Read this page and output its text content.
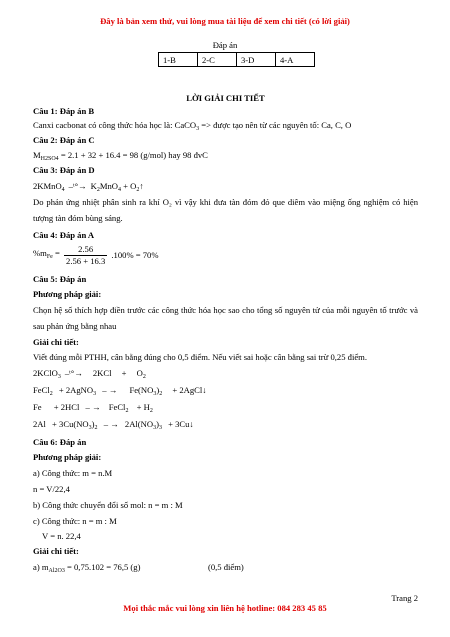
Đây là bản xem thử, vui lòng mua tài liệu để xem chi tiết (có lời giải)
Đáp án
1-B	2-C	3-D	4-A
LỜI GIẢI CHI TIẾT
Câu 1: Đáp án B
Canxi cacbonat có công thức hóa học là: CaCO$_3$ => được tạo nên từ các nguyên tố: Ca, C, O
Câu 2: Đáp án C
$M_{H2SO4} = 2.1 + 32 + 16.4 = 98$ (g/mol) hay 98 đvC
Câu 3: Đáp án D
2KMnO$_4$ –ᵗ°→ $K_2MnO_4$ + $O_2↑$
Do phản ứng nhiệt phân sinh ra khí O₂ vì vậy khi đưa tàn đóm đỏ que diêm vào miệng ống nghiệm có hiện tượng tàn đóm bùng sáng.
Câu 4: Đáp án A
$\%m_{Fe} = \frac{2.56}{2.56 + 16.3} .100\% = 70\%$
Câu 5: Đáp án
Phương pháp giải:
Chọn hệ số thích hợp điền trước các công thức hóa học sao cho tổng số nguyên tử của mỗi nguyên tố trước và sau phản ứng bằng nhau
Giải chi tiết:
Viết đúng mỗi PTHH, cân bằng đúng cho 0,5 điểm. Nếu viết sai hoặc cân bằng sai trừ 0,25 điểm.
2KClO$_3$ –ᵗ°→ $2KCl + O_2$
FeCl$_2$ + 2AgNO$_3$ – → $Fe(NO_3)_2$ + 2AgCl↓
Fe + 2HCl – → FeCl$_2$ + $H_2$
$2Al + 3Cu(NO_3)_2$ – → $2Al(NO_3)_3$ + 3Cu↓
Câu 6: Đáp án
Phương pháp giải:
a) Công thức: m = n.M
n = V/22,4
b) Công thức chuyển đổi số mol: n = m : M
c) Công thức: n = m : M
V = n. 22,4
Giải chi tiết:
a) $m_{Al2O3} = 0,75.102 = 76,5$ (g)	(0,5 điểm)
Trang 2
Mọi thắc mắc vui lòng xin liên hệ hotline: 084 283 45 85
